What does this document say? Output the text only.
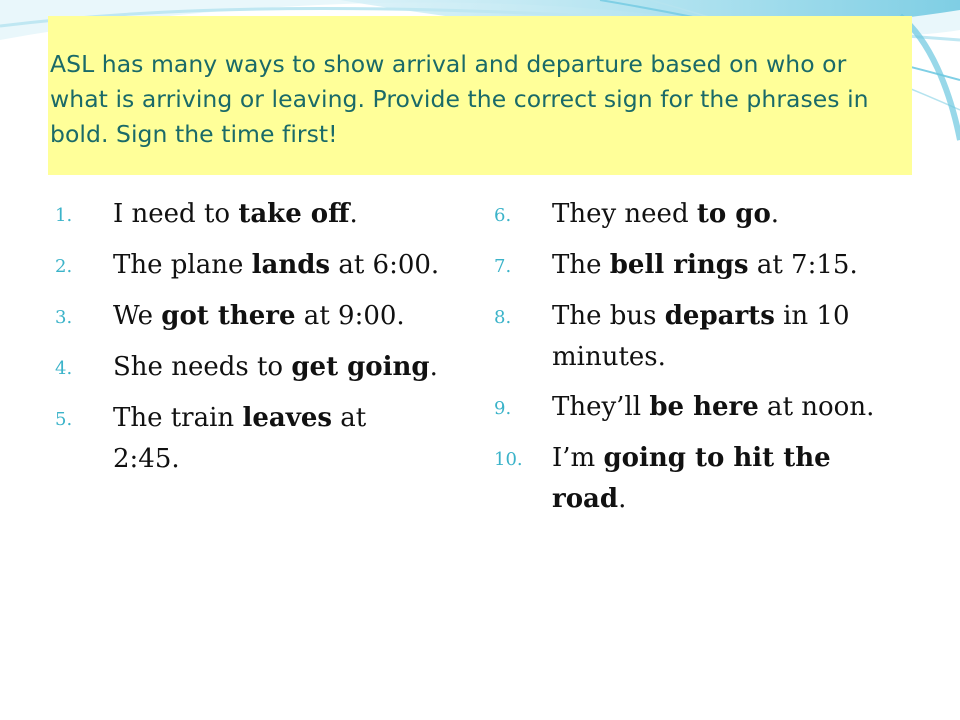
ASL has many ways to show arrival and departure based on who or what is arriving or leaving. Provide the correct sign for the phrases in bold. Sign the time first!

1.	I need to take off.
2.	The plane lands at 6:00.
3.	We got there at 9:00.
4.	She needs to get going.
5.	The train leaves at 2:45.
6.	They need to go.
7.	The bell rings at 7:15.
8.	The bus departs in 10 minutes.
9.	They’ll be here at noon.
10.	I’m going to hit the road.
